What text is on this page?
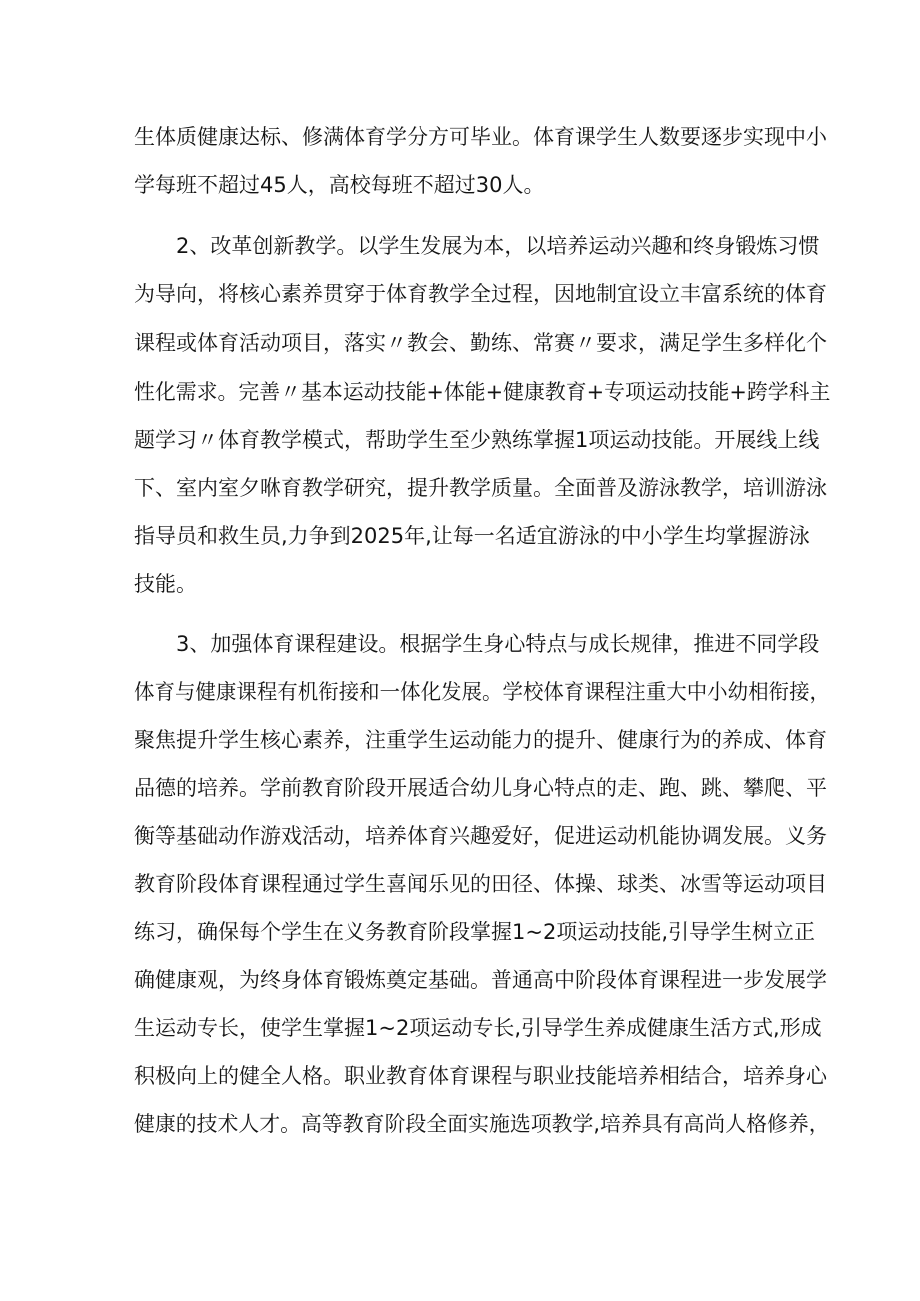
生体质健康达标、修满体育学分方可毕业。体育课学生人数要逐步实现中小
学每班不超过45人，高校每班不超过30人。
2、改革创新教学。以学生发展为本，以培养运动兴趣和终身锻炼习惯
为导向，将核心素养贯穿于体育教学全过程，因地制宜设立丰富系统的体育
课程或体育活动项目，落实〃教会、勤练、常赛〃要求，满足学生多样化个
性化需求。完善〃基本运动技能+体能+健康教育+专项运动技能+跨学科主
题学习〃体育教学模式，帮助学生至少熟练掌握1项运动技能。开展线上线
下、室内室夕咻育教学研究，提升教学质量。全面普及游泳教学，培训游泳
指导员和救生员,力争到2025年,让每一名适宜游泳的中小学生均掌握游泳
技能。
3、加强体育课程建设。根据学生身心特点与成长规律，推进不同学段
体育与健康课程有机衔接和一体化发展。学校体育课程注重大中小幼相衔接，
聚焦提升学生核心素养，注重学生运动能力的提升、健康行为的养成、体育
品德的培养。学前教育阶段开展适合幼儿身心特点的走、跑、跳、攀爬、平
衡等基础动作游戏活动，培养体育兴趣爱好，促进运动机能协调发展。义务
教育阶段体育课程通过学生喜闻乐见的田径、体操、球类、冰雪等运动项目
练习，确保每个学生在义务教育阶段掌握1~2项运动技能,引导学生树立正
确健康观，为终身体育锻炼奠定基础。普通高中阶段体育课程进一步发展学
生运动专长，使学生掌握1~2项运动专长,引导学生养成健康生活方式,形成
积极向上的健全人格。职业教育体育课程与职业技能培养相结合，培养身心
健康的技术人才。高等教育阶段全面实施选项教学,培养具有高尚人格修养，
